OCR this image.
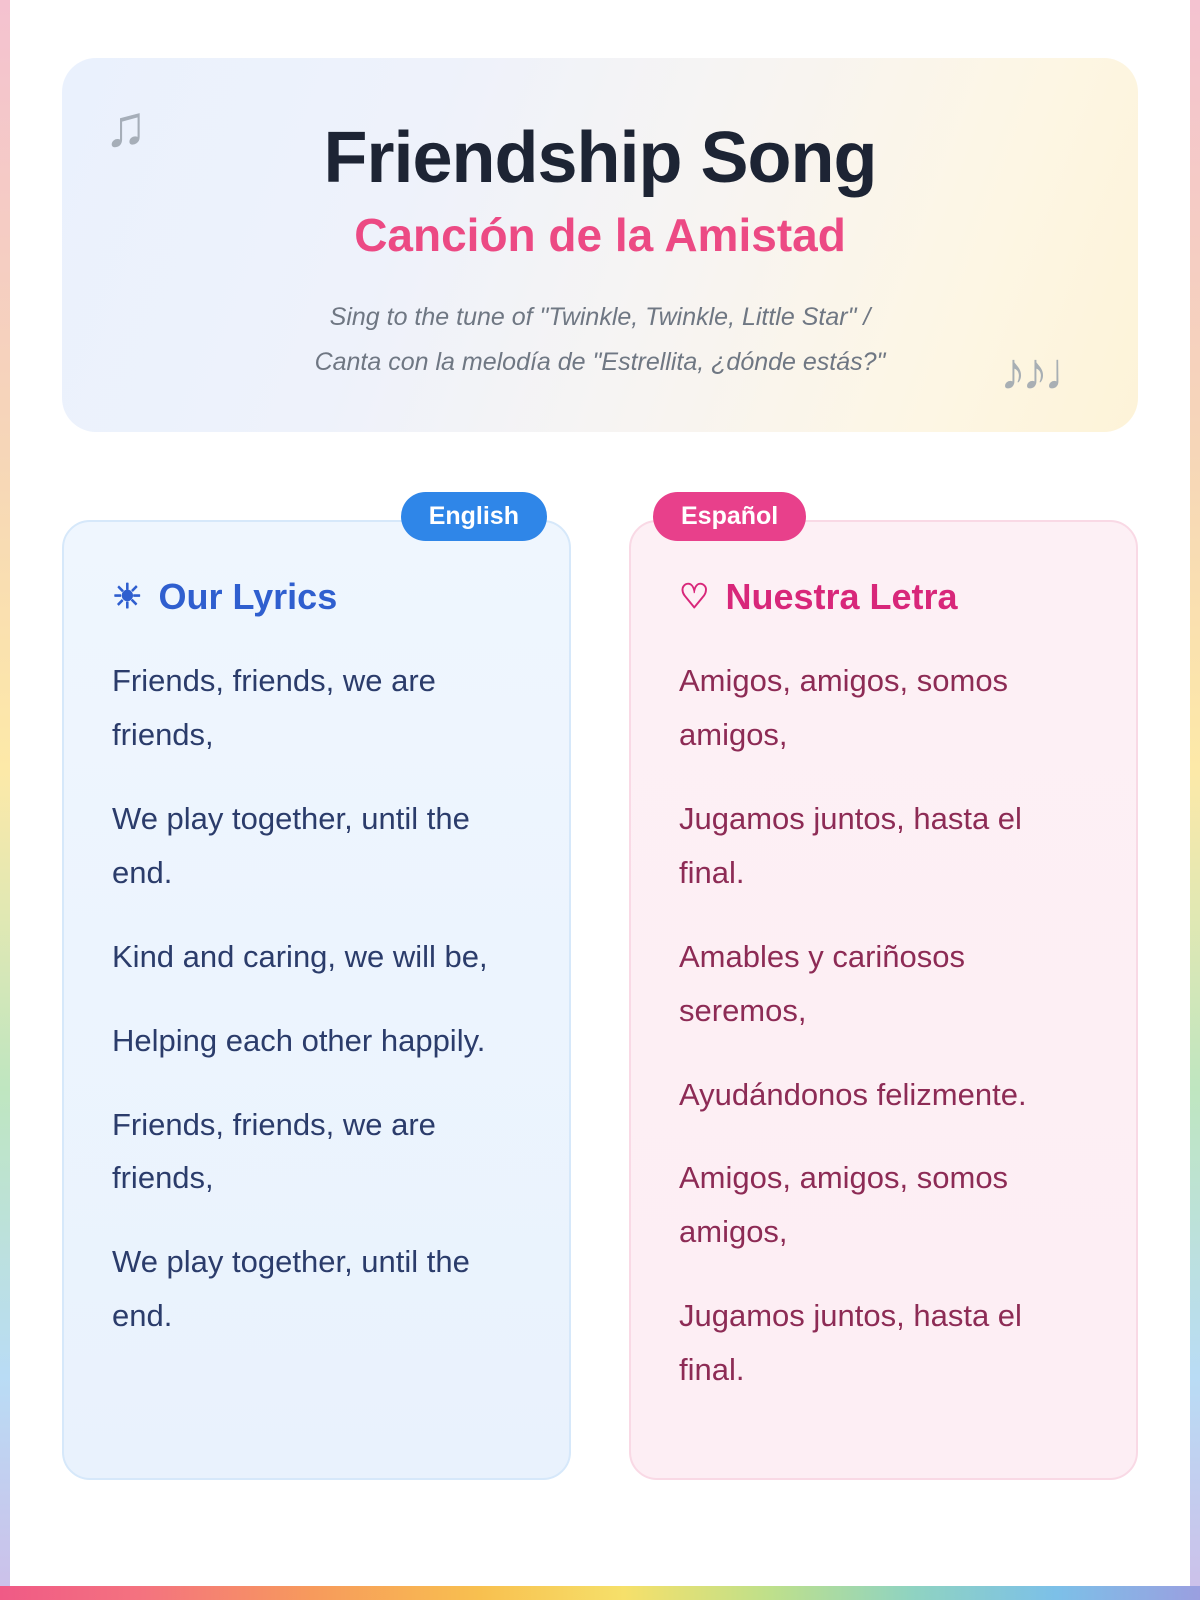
♫
♪♪♩
Friendship Song
Canción de la Amistad
Sing to the tune of "Twinkle, Twinkle, Little Star" /
Canta con la melodía de "Estrellita, ¿dónde estás?"
English
☀ Our Lyrics

Friends, friends, we are friends,

We play together, until the end.

Kind and caring, we will be,

Helping each other happily.

Friends, friends, we are friends,

We play together, until the end.

Español
♡ Nuestra Letra

Amigos, amigos, somos amigos,

Jugamos juntos, hasta el final.

Amables y cariñosos seremos,

Ayudándonos felizmente.

Amigos, amigos, somos amigos,

Jugamos juntos, hasta el final.
